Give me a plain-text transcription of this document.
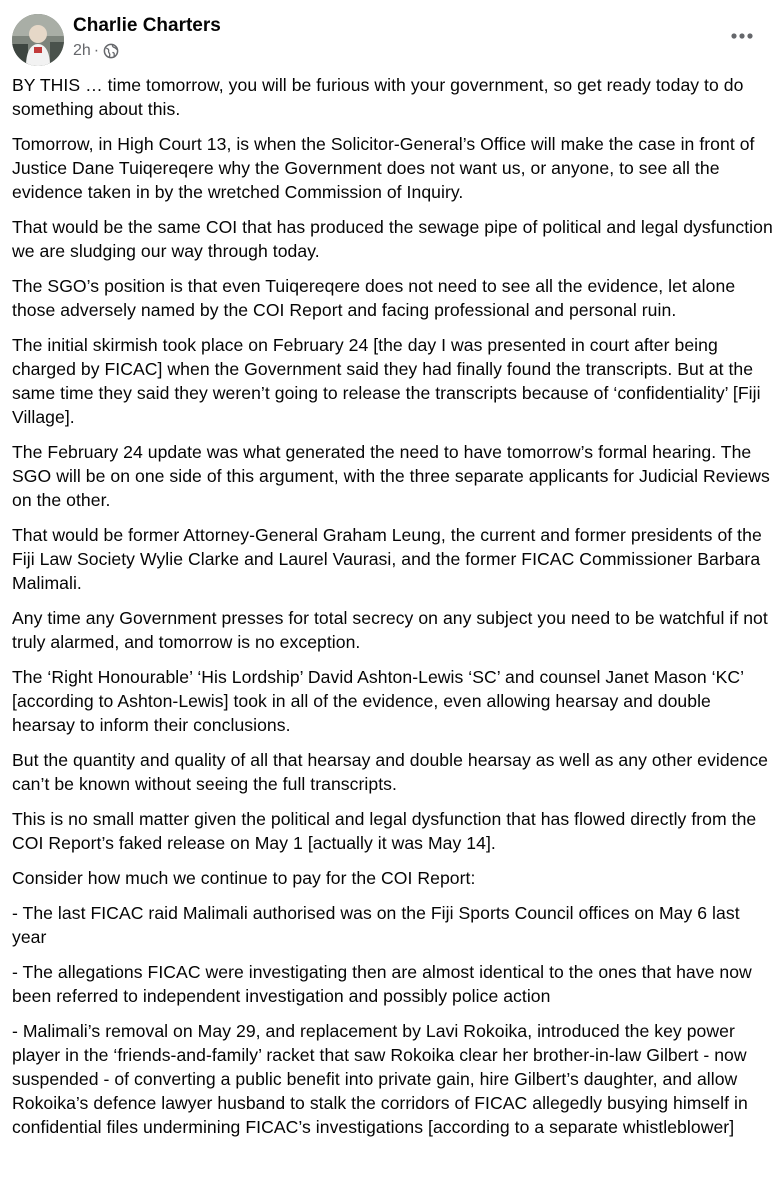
Charlie Charters
2h ·

BY THIS … time tomorrow, you will be furious with your government, so get ready today to do something about this.

Tomorrow, in High Court 13, is when the Solicitor-General’s Office will make the case in front of Justice Dane Tuiqereqere why the Government does not want us, or anyone, to see all the evidence taken in by the wretched Commission of Inquiry.

That would be the same COI that has produced the sewage pipe of political and legal dysfunction we are sludging our way through today.

The SGO’s position is that even Tuiqereqere does not need to see all the evidence, let alone those adversely named by the COI Report and facing professional and personal ruin.

The initial skirmish took place on February 24 [the day I was presented in court after being charged by FICAC] when the Government said they had finally found the transcripts. But at the same time they said they weren’t going to release the transcripts because of ‘confidentiality’ [Fiji Village].

The February 24 update was what generated the need to have tomorrow’s formal hearing. The SGO will be on one side of this argument, with the three separate applicants for Judicial Reviews on the other.

That would be former Attorney-General Graham Leung, the current and former presidents of the Fiji Law Society Wylie Clarke and Laurel Vaurasi, and the former FICAC Commissioner Barbara Malimali.

Any time any Government presses for total secrecy on any subject you need to be watchful if not truly alarmed, and tomorrow is no exception.

The ‘Right Honourable’ ‘His Lordship’ David Ashton-Lewis ‘SC’ and counsel Janet Mason ‘KC’ [according to Ashton-Lewis] took in all of the evidence, even allowing hearsay and double hearsay to inform their conclusions.

But the quantity and quality of all that hearsay and double hearsay as well as any other evidence can’t be known without seeing the full transcripts.

This is no small matter given the political and legal dysfunction that has flowed directly from the COI Report’s faked release on May 1 [actually it was May 14].

Consider how much we continue to pay for the COI Report:

- The last FICAC raid Malimali authorised was on the Fiji Sports Council offices on May 6 last year

- The allegations FICAC were investigating then are almost identical to the ones that have now been referred to independent investigation and possibly police action

- Malimali’s removal on May 29, and replacement by Lavi Rokoika, introduced the key power player in the ‘friends-and-family’ racket that saw Rokoika clear her brother-in-law Gilbert - now suspended - of converting a public benefit into private gain, hire Gilbert’s daughter, and allow Rokoika’s defence lawyer husband to stalk the corridors of FICAC allegedly busying himself in confidential files undermining FICAC’s investigations [according to a separate whistleblower]
